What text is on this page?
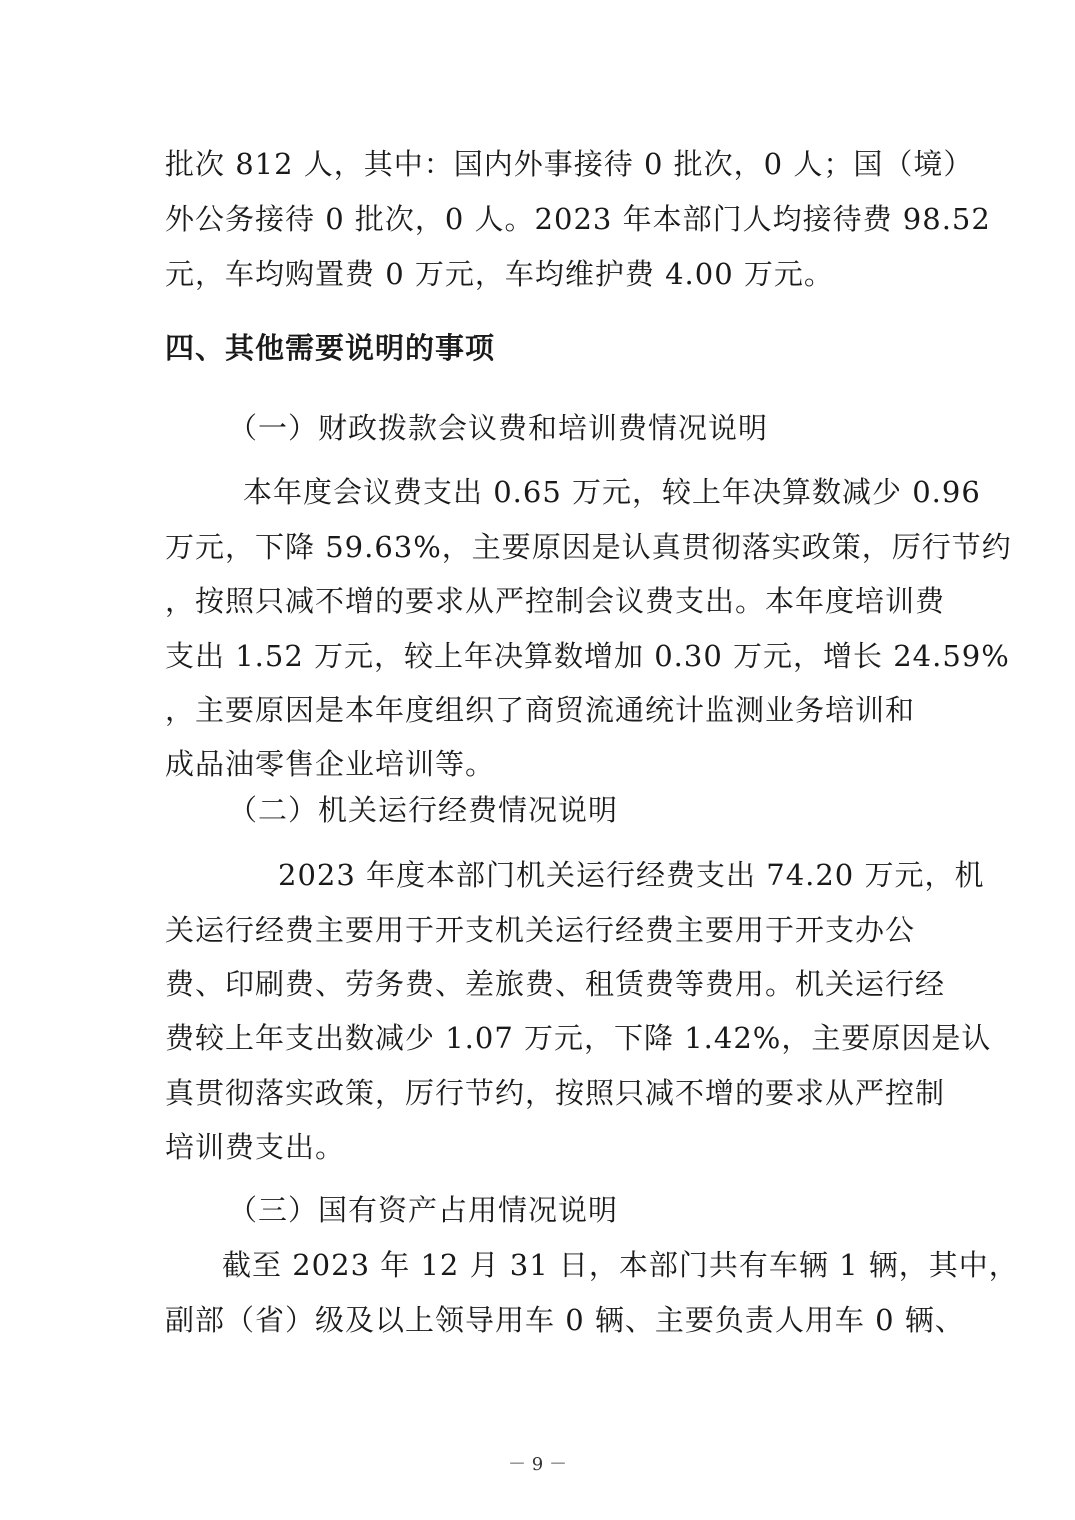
批次 812 人，其中：国内外事接待 0 批次，0 人；国（境）
外公务接待 0 批次，0 人。2023 年本部门人均接待费 98.52
元，车均购置费 0 万元，车均维护费 4.00 万元。
四、其他需要说明的事项
（一）财政拨款会议费和培训费情况说明
本年度会议费支出 0.65 万元，较上年决算数减少 0.96
万元，下降 59.63%，主要原因是认真贯彻落实政策，厉行节约
，按照只减不增的要求从严控制会议费支出。本年度培训费
支出 1.52 万元，较上年决算数增加 0.30 万元，增长 24.59%
，主要原因是本年度组织了商贸流通统计监测业务培训和
成品油零售企业培训等。
（二）机关运行经费情况说明
2023 年度本部门机关运行经费支出 74.20 万元，机
关运行经费主要用于开支机关运行经费主要用于开支办公
费、印刷费、劳务费、差旅费、租赁费等费用。机关运行经
费较上年支出数减少 1.07 万元，下降 1.42%，主要原因是认
真贯彻落实政策，厉行节约，按照只减不增的要求从严控制
培训费支出。
（三）国有资产占用情况说明
截至 2023 年 12 月 31 日，本部门共有车辆 1 辆，其中，
副部（省）级及以上领导用车 0 辆、主要负责人用车 0 辆、
－ 9 －
